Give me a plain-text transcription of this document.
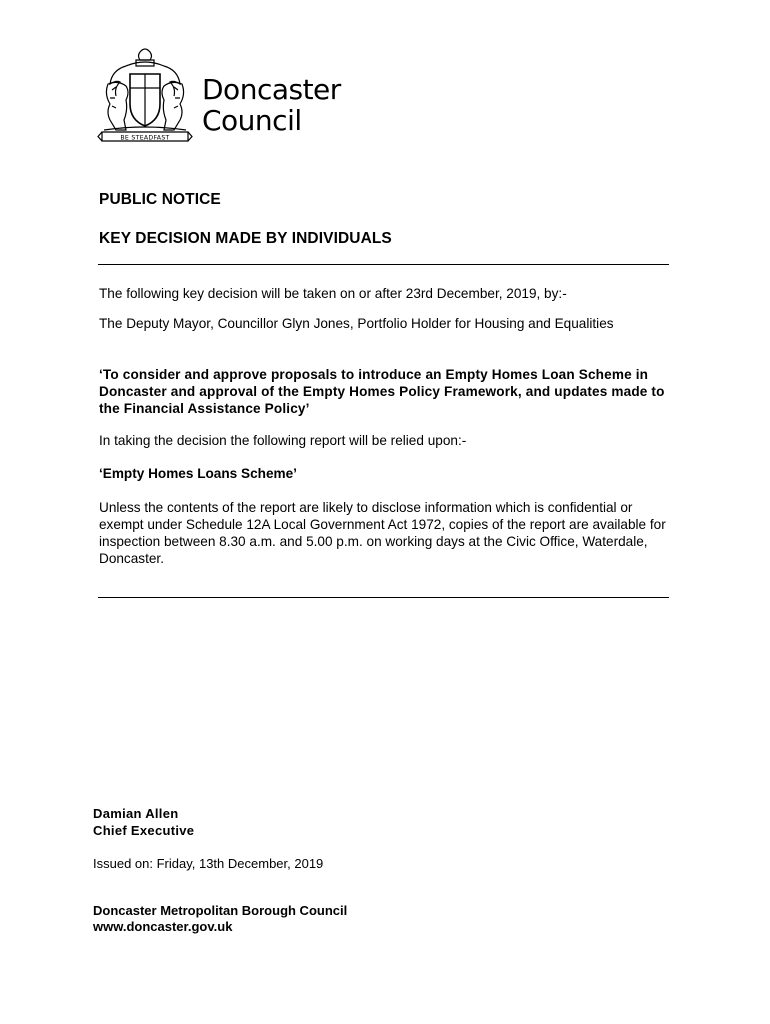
BE STEADFAST
Doncaster
Council
PUBLIC NOTICE
KEY DECISION MADE BY INDIVIDUALS
The following key decision will be taken on or after 23rd December, 2019, by:-
The Deputy Mayor, Councillor Glyn Jones, Portfolio Holder for Housing and Equalities
‘To consider and approve proposals to introduce an Empty Homes Loan Scheme in Doncaster and approval of the Empty Homes Policy Framework, and updates made to the Financial Assistance Policy’
In taking the decision the following report will be relied upon:-
‘Empty Homes Loans Scheme’
Unless the contents of the report are likely to disclose information which is confidential or exempt under Schedule 12A Local Government Act 1972, copies of the report are available for inspection between 8.30 a.m. and 5.00 p.m. on working days at the Civic Office, Waterdale, Doncaster.
Damian Allen
Chief Executive
Issued on: Friday, 13th December, 2019
Doncaster Metropolitan Borough Council
www.doncaster.gov.uk
